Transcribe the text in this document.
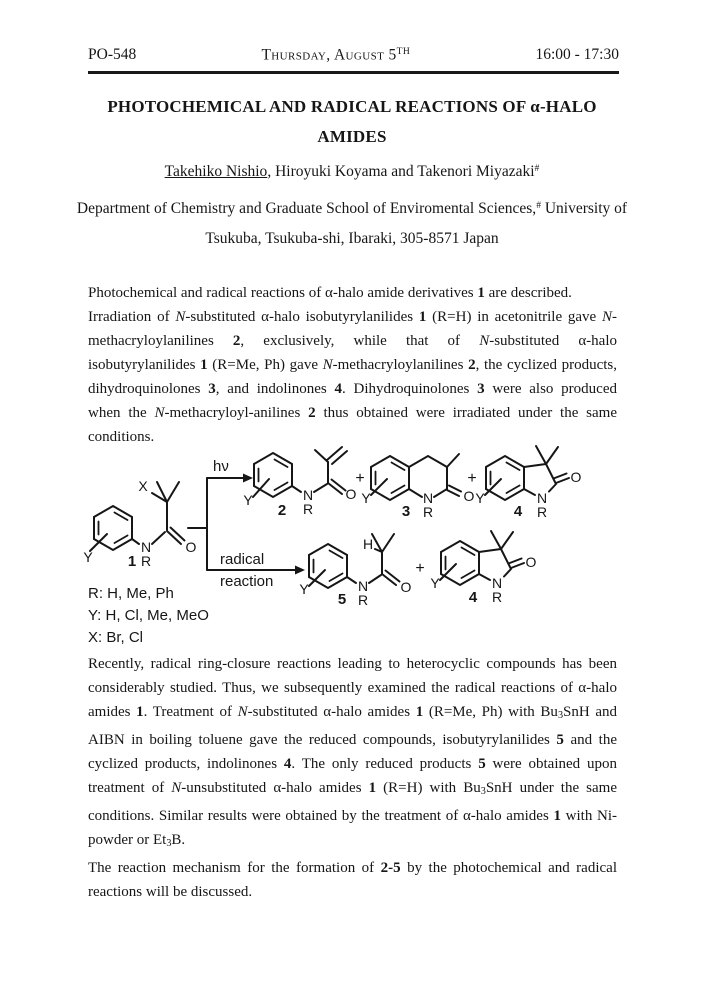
PO-548	Thursday, August 5TH	16:00 - 17:30
PHOTOCHEMICAL AND RADICAL REACTIONS OF α-HALO
AMIDES
Takehiko Nishio, Hiroyuki Koyama and Takenori Miyazaki#
Department of Chemistry and Graduate School of Enviromental Sciences,# University of
Tsukuba, Tsukuba-shi, Ibaraki, 305-8571 Japan

Photochemical and radical reactions of α-halo amide derivatives 1 are described.

Irradiation of N-substituted α-halo isobutyrylanilides 1 (R=H) in acetonitrile gave N-methacryloylanilines 2, exclusively, while that of N-substituted α-halo isobutyrylanilides 1 (R=Me, Ph) gave N-methacryloylanilines 2, the cyclized products, dihydroquinolones 3, and indolinones 4. Dihydroquinolones 3 were also produced when the N-methacryloyl-anilines 2 thus obtained were irradiated under the same conditions.

Y
N
R
O
X
1
hν
radical
reaction
Y	N
R
O
2
+
Y	N
R
O
3
+
Y	N
R
O
4
Y	N
R
O
H
5
+
Y	N
R
O
4
R: H, Me, Ph
Y: H, Cl, Me, MeO
X: Br, Cl

Recently, radical ring-closure reactions leading to heterocyclic compounds has been considerably studied. Thus, we subsequently examined the radical reactions of α-halo amides 1. Treatment of N-substituted α-halo amides 1 (R=Me, Ph) with $Bu_3SnH$ and AIBN in boiling toluene gave the reduced compounds, isobutyrylanilides 5 and the cyclized products, indolinones 4. The only reduced products 5 were obtained upon treatment of N-unsubstituted α-halo amides 1 (R=H) with $Bu_3SnH$ under the same conditions. Similar results were obtained by the treatment of α-halo amides 1 with Ni-powder or $Et_3B$.

The reaction mechanism for the formation of 2-5 by the photochemical and radical reactions will be discussed.
